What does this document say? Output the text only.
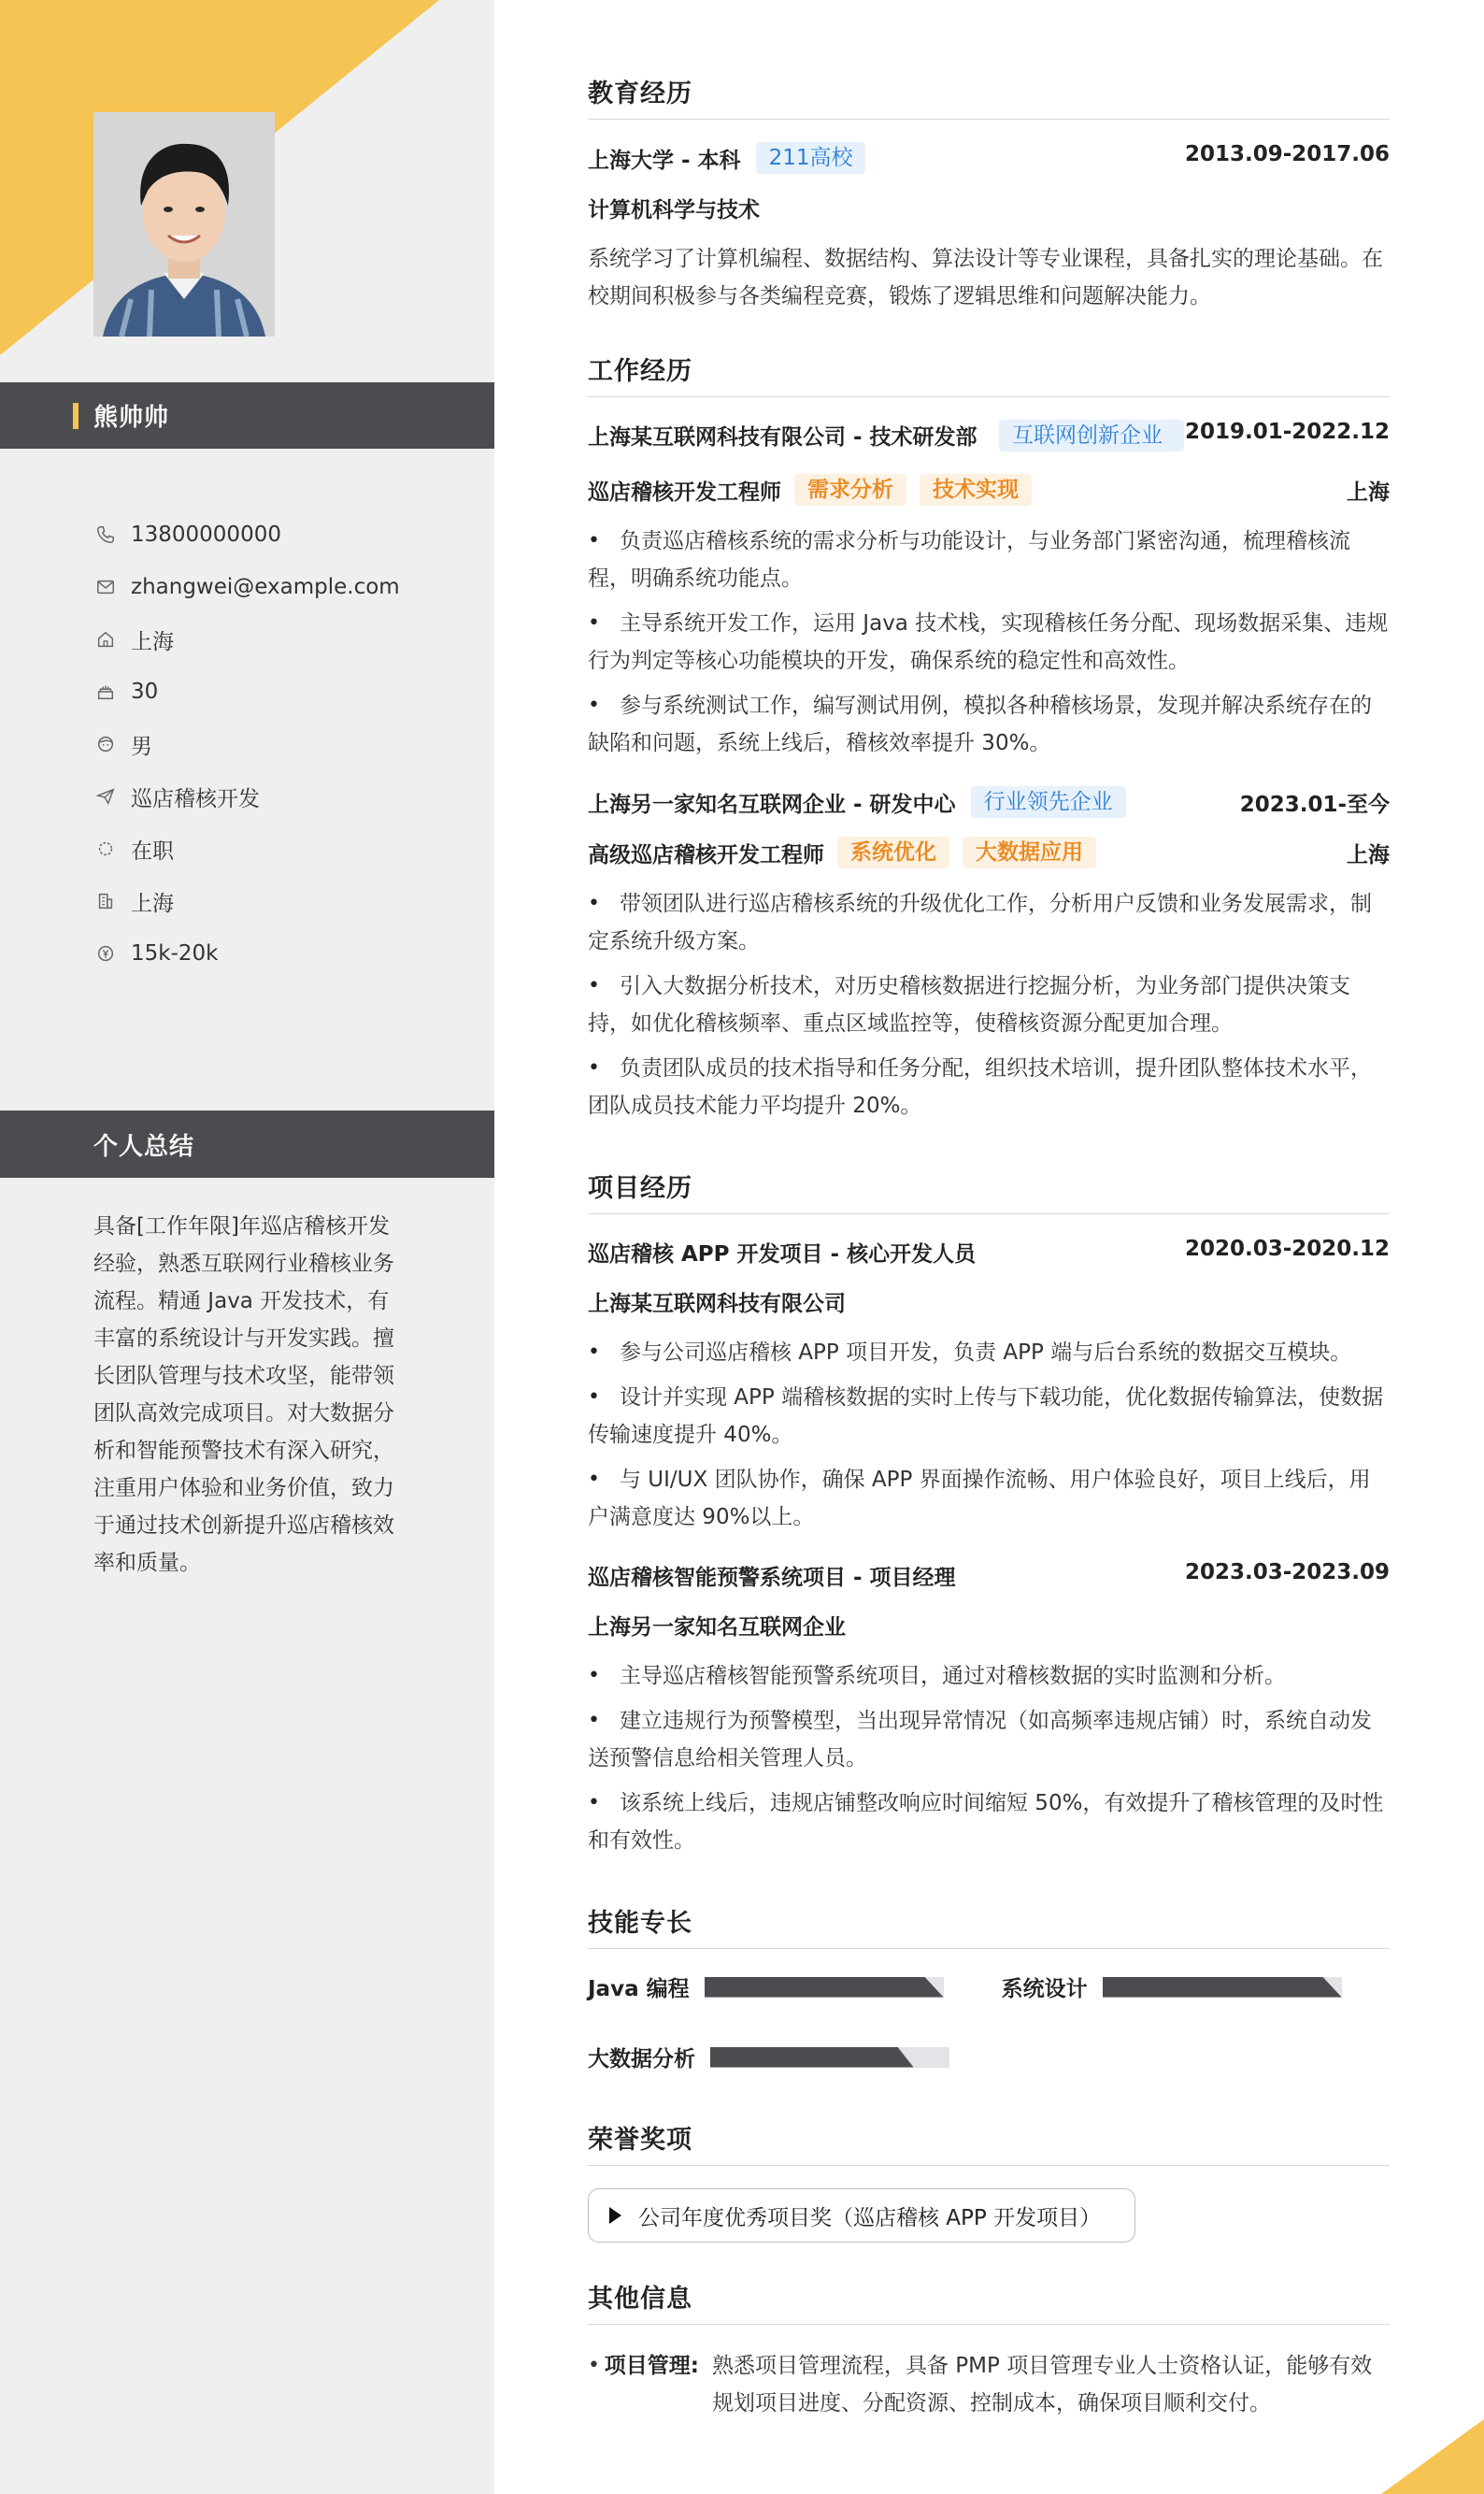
熊帅帅
13800000000
zhangwei@example.com
上海
30
男
巡店稽核开发
在职
上海
15k-20k
个人总结

具备[工作年限]年巡店稽核开发经验，熟悉互联网行业稽核业务流程。精通 Java 开发技术，有丰富的系统设计与开发实践。擅长团队管理与技术攻坚，能带领团队高效完成项目。对大数据分析和智能预警技术有深入研究，注重用户体验和业务价值，致力于通过技术创新提升巡店稽核效率和质量。

教育经历
上海大学 - 本科	211高校	2013.09-2017.06
计算机科学与技术

系统学习了计算机编程、数据结构、算法设计等专业课程，具备扎实的理论基础。在校期间积极参与各类编程竞赛，锻炼了逻辑思维和问题解决能力。

工作经历
上海某互联网科技有限公司 - 技术研发部	互联网创新企业	2019.01-2022.12
巡店稽核开发工程师	需求分析	技术实现	上海
• 负责巡店稽核系统的需求分析与功能设计，与业务部门紧密沟通，梳理稽核流程，明确系统功能点。
• 主导系统开发工作，运用 Java 技术栈，实现稽核任务分配、现场数据采集、违规行为判定等核心功能模块的开发，确保系统的稳定性和高效性。
• 参与系统测试工作，编写测试用例，模拟各种稽核场景，发现并解决系统存在的缺陷和问题，系统上线后，稽核效率提升 30%。
上海另一家知名互联网企业 - 研发中心	行业领先企业	2023.01-至今
高级巡店稽核开发工程师	系统优化	大数据应用	上海
• 带领团队进行巡店稽核系统的升级优化工作，分析用户反馈和业务发展需求，制定系统升级方案。
• 引入大数据分析技术，对历史稽核数据进行挖掘分析，为业务部门提供决策支持，如优化稽核频率、重点区域监控等，使稽核资源分配更加合理。
• 负责团队成员的技术指导和任务分配，组织技术培训，提升团队整体技术水平，团队成员技术能力平均提升 20%。
项目经历
巡店稽核 APP 开发项目 - 核心开发人员	2020.03-2020.12
上海某互联网科技有限公司
• 参与公司巡店稽核 APP 项目开发，负责 APP 端与后台系统的数据交互模块。
• 设计并实现 APP 端稽核数据的实时上传与下载功能，优化数据传输算法，使数据传输速度提升 40%。
• 与 UI/UX 团队协作，确保 APP 界面操作流畅、用户体验良好，项目上线后，用户满意度达 90%以上。
巡店稽核智能预警系统项目 - 项目经理	2023.03-2023.09
上海另一家知名互联网企业
• 主导巡店稽核智能预警系统项目，通过对稽核数据的实时监测和分析。
• 建立违规行为预警模型，当出现异常情况（如高频率违规店铺）时，系统自动发送预警信息给相关管理人员。
• 该系统上线后，违规店铺整改响应时间缩短 50%，有效提升了稽核管理的及时性和有效性。
技能专长
Java 编程	系统设计
大数据分析
荣誉奖项
公司年度优秀项目奖（巡店稽核 APP 开发项目）
其他信息
• 项目管理: 熟悉项目管理流程，具备 PMP 项目管理专业人士资格认证，能够有效规划项目进度、分配资源、控制成本，确保项目顺利交付。
